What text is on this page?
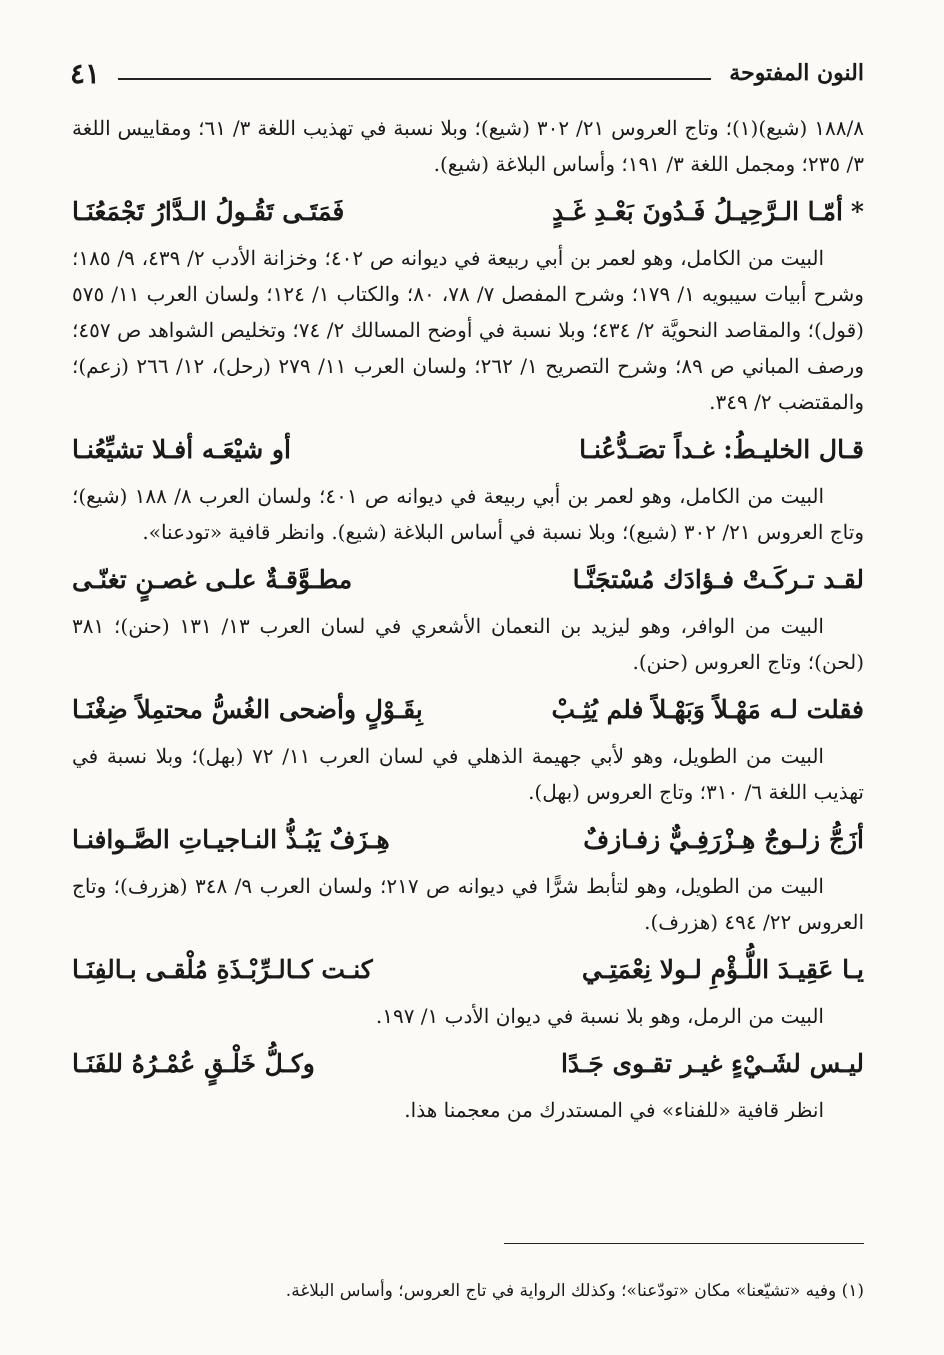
النون المفتوحة
٤١
١٨٨/٨ (شيع)(١)؛ وتاج العروس ٢١/ ٣٠٢ (شيع)؛ وبلا نسبة في تهذيب اللغة ٣/ ٦١؛ ومقاييس اللغة ٣/ ٢٣٥؛ ومجمل اللغة ٣/ ١٩١؛ وأساس البلاغة (شيع).
*أمّـا الـرَّحِيـلُ فَـدُونَ بَعْـدِ غَـدٍ
فَمَتَـى تَقُـولُ الـدَّارُ تَجْمَعُنَـا
البيت من الكامل، وهو لعمر بن أبي ربيعة في ديوانه ص ٤٠٢؛ وخزانة الأدب ٢/ ٤٣٩، ٩/ ١٨٥؛ وشرح أبيات سيبويه ١/ ١٧٩؛ وشرح المفصل ٧/ ٧٨، ٨٠؛ والكتاب ١/ ١٢٤؛ ولسان العرب ١١/ ٥٧٥ (قول)؛ والمقاصد النحويَّة ٢/ ٤٣٤؛ وبلا نسبة في أوضح المسالك ٢/ ٧٤؛ وتخليص الشواهد ص ٤٥٧؛ ورصف المباني ص ٨٩؛ وشرح التصريح ١/ ٢٦٢؛ ولسان العرب ١١/ ٢٧٩ (رحل)، ١٢/ ٢٦٦ (زعم)؛ والمقتضب ٢/ ٣٤٩.
قـال الخليـطُ: غـداً تصَـدُّعُنـا
أو شيْعَـه أفـلا تشيِّعُنـا
البيت من الكامل، وهو لعمر بن أبي ربيعة في ديوانه ص ٤٠١؛ ولسان العرب ٨/ ١٨٨ (شيع)؛ وتاج العروس ٢١/ ٣٠٢ (شيع)؛ وبلا نسبة في أساس البلاغة (شيع). وانظر قافية «تودعنا».
لقـد تـركَـتْ فـؤادَك مُسْتجَنَّـا
مطـوَّقـةٌ علـى غصـنٍ تغنّـى
البيت من الوافر، وهو ليزيد بن النعمان الأشعري في لسان العرب ١٣/ ١٣١ (حنن)؛ ٣٨١ (لحن)؛ وتاج العروس (حنن).
فقلت لـه مَهْـلاً وَبَهْـلاً فلم يُثِـبْ
بِقَـوْلٍ وأضحى الغُسُّ محتمِلاً ضِغْنَـا
البيت من الطويل، وهو لأبي جهيمة الذهلي في لسان العرب ١١/ ٧٢ (بهل)؛ وبلا نسبة في تهذيب اللغة ٦/ ٣١٠؛ وتاج العروس (بهل).
أزَجُّ زلـوجٌ هِـزْرَفِـيٌّ زفـازفٌ
هِـزَفٌ يَبُـذُّ النـاجيـاتِ الصَّـوافنـا
البيت من الطويل، وهو لتأبط شرًّا في ديوانه ص ٢١٧؛ ولسان العرب ٩/ ٣٤٨ (هزرف)؛ وتاج العروس ٢٢/ ٤٩٤ (هزرف).
يـا عَقِيـدَ اللُّـؤْمِ لـولا نِعْمَتِـي
كنـت كـالـرِّبْـذَةِ مُلْقـى بـالفِنَـا
البيت من الرمل، وهو بلا نسبة في ديوان الأدب ١/ ١٩٧.
ليـس لشَـيْءٍ غيـر تقـوى جَـدًا
وكـلُّ خَلْـقٍ عُمْـرُهُ للفَنَـا
انظر قافية «للفناء» في المستدرك من معجمنا هذا.
(١) وفيه «تشيّعنا» مكان «تودّعنا»؛ وكذلك الرواية في تاج العروس؛ وأساس البلاغة.
